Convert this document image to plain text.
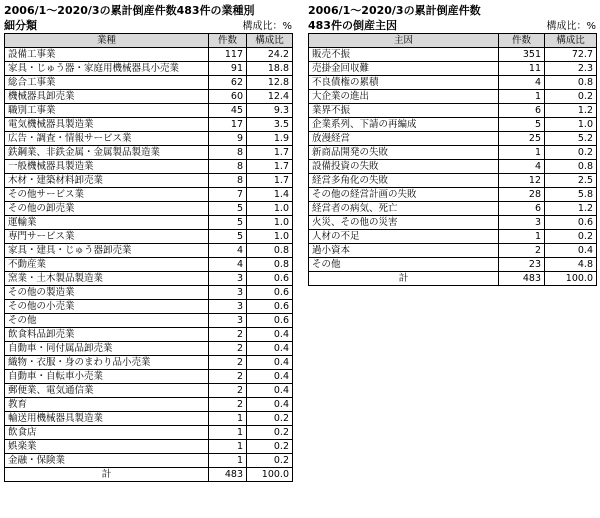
2006/1～2020/3の累計倒産件数483件の業種別
細分類	構成比：%
業種	件数	構成比
設備工事業	117	24.2
家具・じゅう器・家庭用機械器具小売業	91	18.8
総合工事業	62	12.8
機械器具卸売業	60	12.4
職別工事業	45	9.3
電気機械器具製造業	17	3.5
広告・調査・情報サービス業	9	1.9
鉄鋼業、非鉄金属・金属製品製造業	8	1.7
一般機械器具製造業	8	1.7
木材・建築材料卸売業	8	1.7
その他サービス業	7	1.4
その他の卸売業	5	1.0
運輸業	5	1.0
専門サービス業	5	1.0
家具・建具・じゅう器卸売業	4	0.8
不動産業	4	0.8
窯業・土木製品製造業	3	0.6
その他の製造業	3	0.6
その他の小売業	3	0.6
その他	3	0.6
飲食料品卸売業	2	0.4
自動車・同付属品卸売業	2	0.4
織物・衣服・身のまわり品小売業	2	0.4
自動車・自転車小売業	2	0.4
郵便業、電気通信業	2	0.4
教育	2	0.4
輸送用機械器具製造業	1	0.2
飲食店	1	0.2
娯楽業	1	0.2
金融・保険業	1	0.2
計	483	100.0
2006/1～2020/3の累計倒産件数
483件の倒産主因	構成比：%
主因	件数	構成比
販売不振	351	72.7
売掛金回収難	11	2.3
不良債権の累積	4	0.8
大企業の進出	1	0.2
業界不振	6	1.2
企業系列、下請の再編成	5	1.0
放漫経営	25	5.2
新商品開発の失敗	1	0.2
設備投資の失敗	4	0.8
経営多角化の失敗	12	2.5
その他の経営計画の失敗	28	5.8
経営者の病気、死亡	6	1.2
火災、その他の災害	3	0.6
人材の不足	1	0.2
過小資本	2	0.4
その他	23	4.8
計	483	100.0
